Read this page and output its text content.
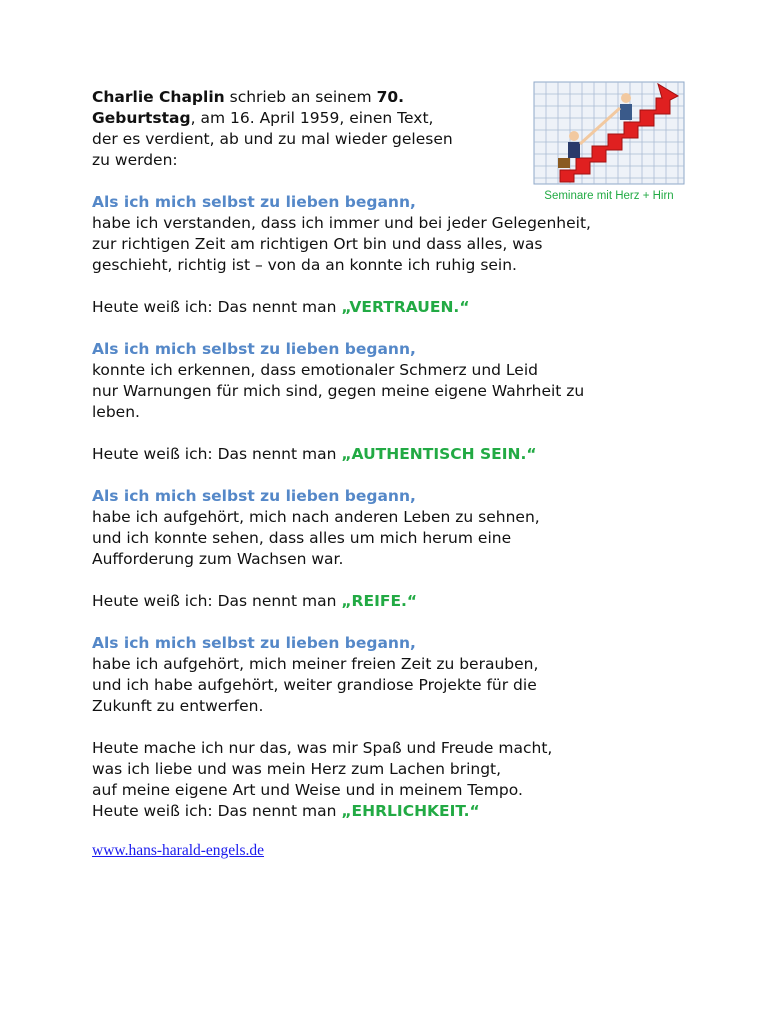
Seminare mit Herz + Hirn
Charlie Chaplin schrieb an seinem 70.
Geburtstag, am 16. April 1959, einen Text,
der es verdient, ab und zu mal wieder gelesen
zu werden:
Als ich mich selbst zu lieben begann,
habe ich verstanden, dass ich immer und bei jeder Gelegenheit,
zur richtigen Zeit am richtigen Ort bin und dass alles, was
geschieht, richtig ist – von da an konnte ich ruhig sein.
Heute weiß ich: Das nennt man „VERTRAUEN.“
Als ich mich selbst zu lieben begann,
konnte ich erkennen, dass emotionaler Schmerz und Leid
nur Warnungen für mich sind, gegen meine eigene Wahrheit zu
leben.
Heute weiß ich: Das nennt man „AUTHENTISCH SEIN.“
Als ich mich selbst zu lieben begann,
habe ich aufgehört, mich nach anderen Leben zu sehnen,
und ich konnte sehen, dass alles um mich herum eine
Aufforderung zum Wachsen war.
Heute weiß ich: Das nennt man „REIFE.“
Als ich mich selbst zu lieben begann,
habe ich aufgehört, mich meiner freien Zeit zu berauben,
und ich habe aufgehört, weiter grandiose Projekte für die
Zukunft zu entwerfen.
Heute mache ich nur das, was mir Spaß und Freude macht,
was ich liebe und was mein Herz zum Lachen bringt,
auf meine eigene Art und Weise und in meinem Tempo.
Heute weiß ich: Das nennt man „EHRLICHKEIT.“
www.hans-harald-engels.de
